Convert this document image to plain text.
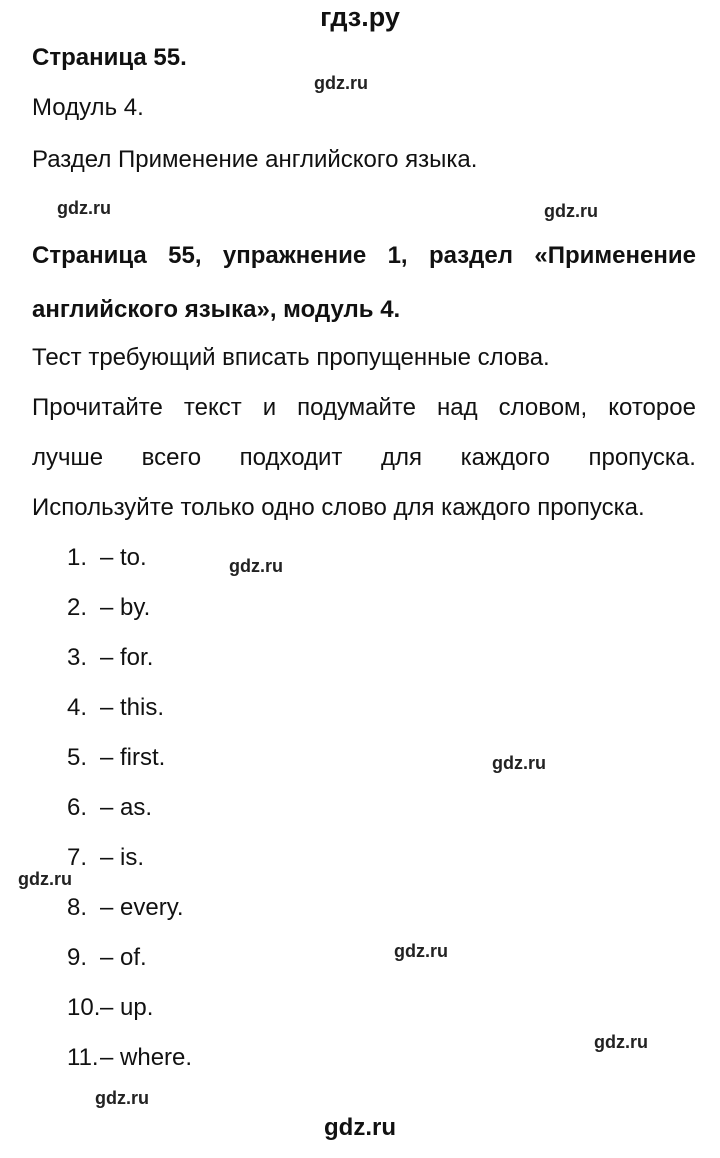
гдз.ру
Страница 55.
Модуль 4.
Раздел Применение английского языка.
Страница 55, упражнение 1, раздел «Применение
английского языка», модуль 4.
Тест требующий вписать пропущенные слова.
Прочитайте текст и подумайте над словом, которое
лучше всего подходит для каждого пропуска.
Используйте только одно слово для каждого пропуска.
1. – to.
2. – by.
3. – for.
4. – this.
5. – first.
6. – as.
7. – is.
8. – every.
9. – of.
10.– up.
11.– where.
gdz.ru
gdz.ru	gdz.ru
gdz.ru
gdz.ru
gdz.ru
gdz.ru
gdz.ru
gdz.ru
gdz.ru
